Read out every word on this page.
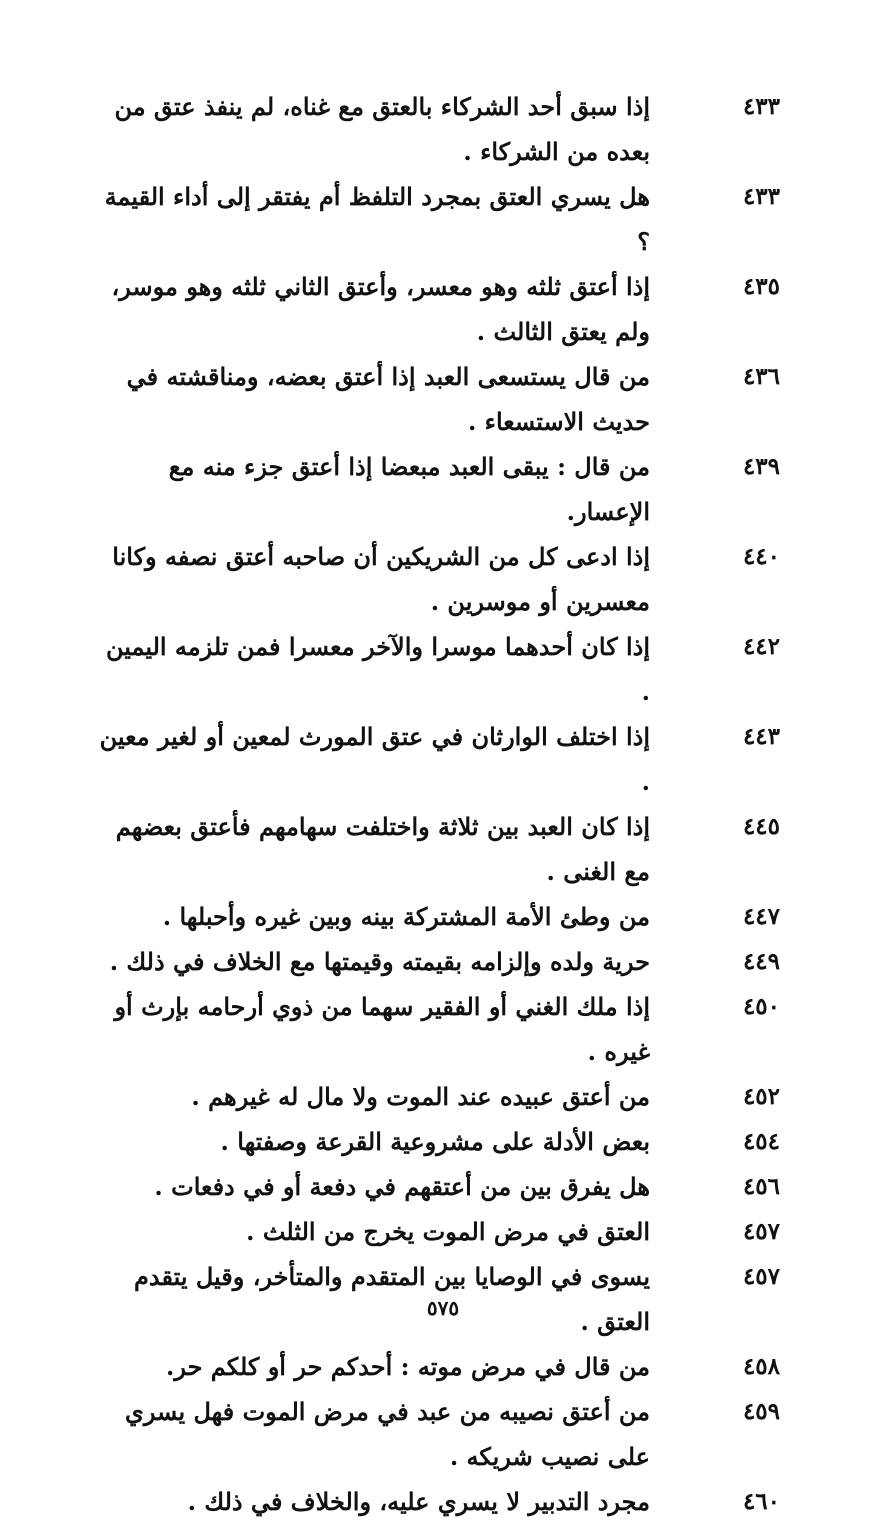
٤٣٣
إذا سبق أحد الشركاء بالعتق مع غناه، لم ينفذ عتق من بعده من الشركاء .
٤٣٣
هل يسري العتق بمجرد التلفظ أم يفتقر إلى أداء القيمة ؟
٤٣٥
إذا أعتق ثلثه وهو معسر، وأعتق الثاني ثلثه وهو موسر، ولم يعتق الثالث .
٤٣٦
من قال يستسعى العبد إذا أعتق بعضه، ومناقشته في حديث الاستسعاء .
٤٣٩
من قال : يبقى العبد مبعضا إذا أعتق جزء منه مع الإعسار.
٤٤٠
إذا ادعى كل من الشريكين أن صاحبه أعتق نصفه وكانا معسرين أو موسرين .
٤٤٢
إذا كان أحدهما موسرا والآخر معسرا فمن تلزمه اليمين .
٤٤٣
إذا اختلف الوارثان في عتق المورث لمعين أو لغير معين .
٤٤٥
إذا كان العبد بين ثلاثة واختلفت سهامهم فأعتق بعضهم مع الغنى .
٤٤٧
من وطئ الأمة المشتركة بينه وبين غيره وأحبلها .
٤٤٩
حرية ولده وإلزامه بقيمته وقيمتها مع الخلاف في ذلك .
٤٥٠
إذا ملك الغني أو الفقير سهما من ذوي أرحامه بإرث أو غيره .
٤٥٢
من أعتق عبيده عند الموت ولا مال له غيرهم .
٤٥٤
بعض الأدلة على مشروعية القرعة وصفتها .
٤٥٦
هل يفرق بين من أعتقهم في دفعة أو في دفعات .
٤٥٧
العتق في مرض الموت يخرج من الثلث .
٤٥٧
يسوى في الوصايا بين المتقدم والمتأخر، وقيل يتقدم العتق .
٤٥٨
من قال في مرض موته : أحدكم حر أو كلكم حر.
٤٥٩
من أعتق نصيبه من عبد في مرض الموت فهل يسري على نصيب شريكه .
٤٦٠
مجرد التدبير لا يسري عليه، والخلاف في ذلك .
٥٧٥
